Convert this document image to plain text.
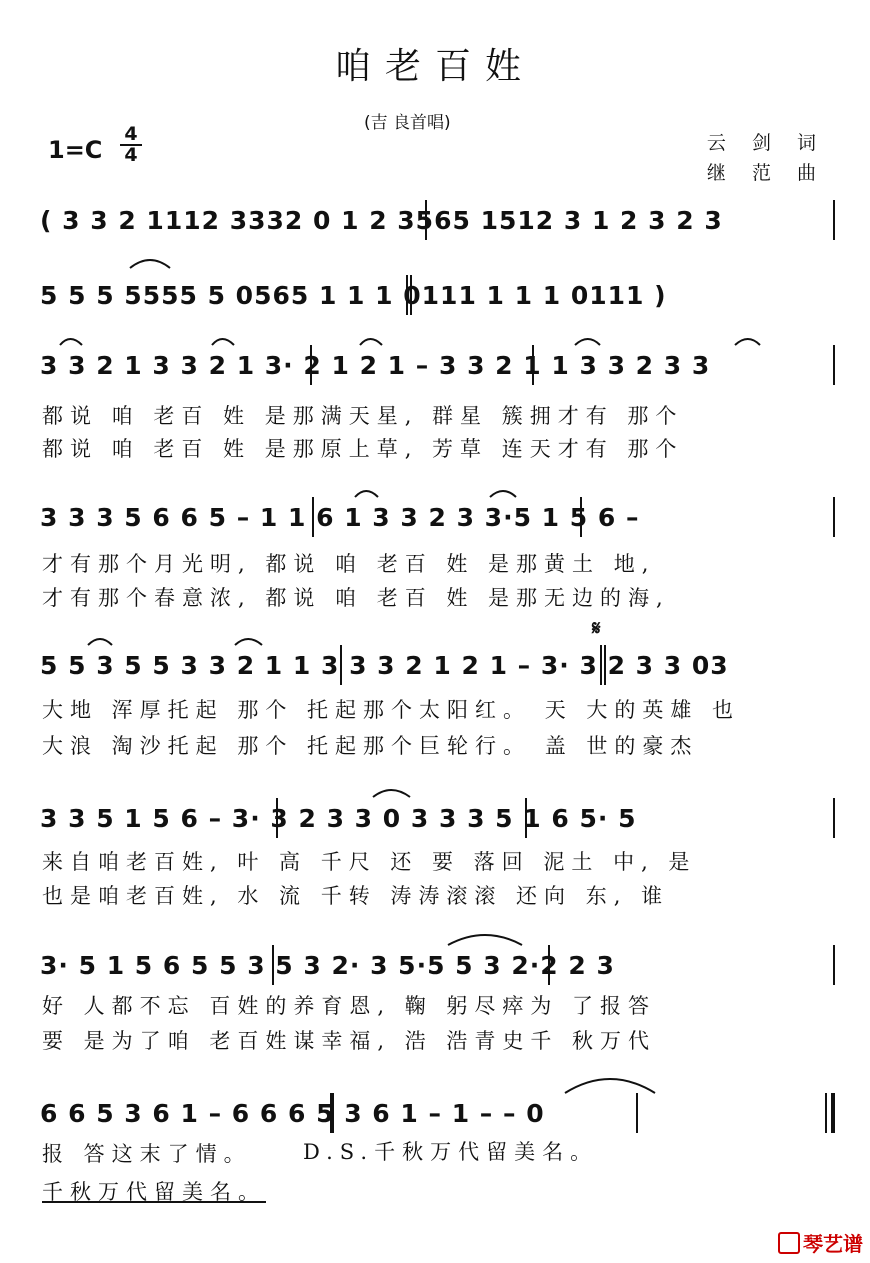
咱老百姓
(吉 良首唱)
1=C
4
4
云 剑 词
继 范 曲
( 3 3 2 1112 3332 0 1 2 3565 1512 3 1 2 3 2 3
5 5 5 5555 5 0565 1 1 1 0111 1 1 1 0111 )
3 3 2 1 3 3 2 1 3· 2 1 2 1 – 3 3 2 1 1 3 3 2 3 3
都说 咱 老百 姓 是那满天星, 群星 簇拥才有 那个
都说 咱 老百 姓 是那原上草, 芳草 连天才有 那个
3 3 3 5 6 6 5 – 1 1 6 1 3 3 2 3 3·5 1 5 6 –
才有那个月光明, 都说 咱 老百 姓 是那黄土 地,
才有那个春意浓, 都说 咱 老百 姓 是那无边的海,
𝄋
5 5 3 5 5 3 3 2 1 1 3 3 3 2 1 2 1 – 3· 3 2 3 3 03
大地 浑厚托起 那个 托起那个太阳红。 天 大的英雄 也
大浪 淘沙托起 那个 托起那个巨轮行。 盖 世的豪杰
3 3 5 1 5 6 – 3· 3 2 3 3 0 3 3 3 5 1 6 5· 5
来自咱老百姓, 叶 高 千尺 还 要 落回 泥土 中, 是
也是咱老百姓, 水 流 千转 涛涛滚滚 还向 东, 谁
3· 5 1 5 6 5 5 3 5 3 2· 3 5·5 5 3 2·2 2 3
好 人都不忘 百姓的养育恩, 鞠 躬尽瘁为 了报答
要 是为了咱 老百姓谋幸福, 浩 浩青史千 秋万代
6 6 5 3 6 1 – 6 6 6 5 3 6 1 – 1 – – 0
报 答这末了情。 D.S.千秋万代留美名。
千秋万代留美名。
琴艺谱
